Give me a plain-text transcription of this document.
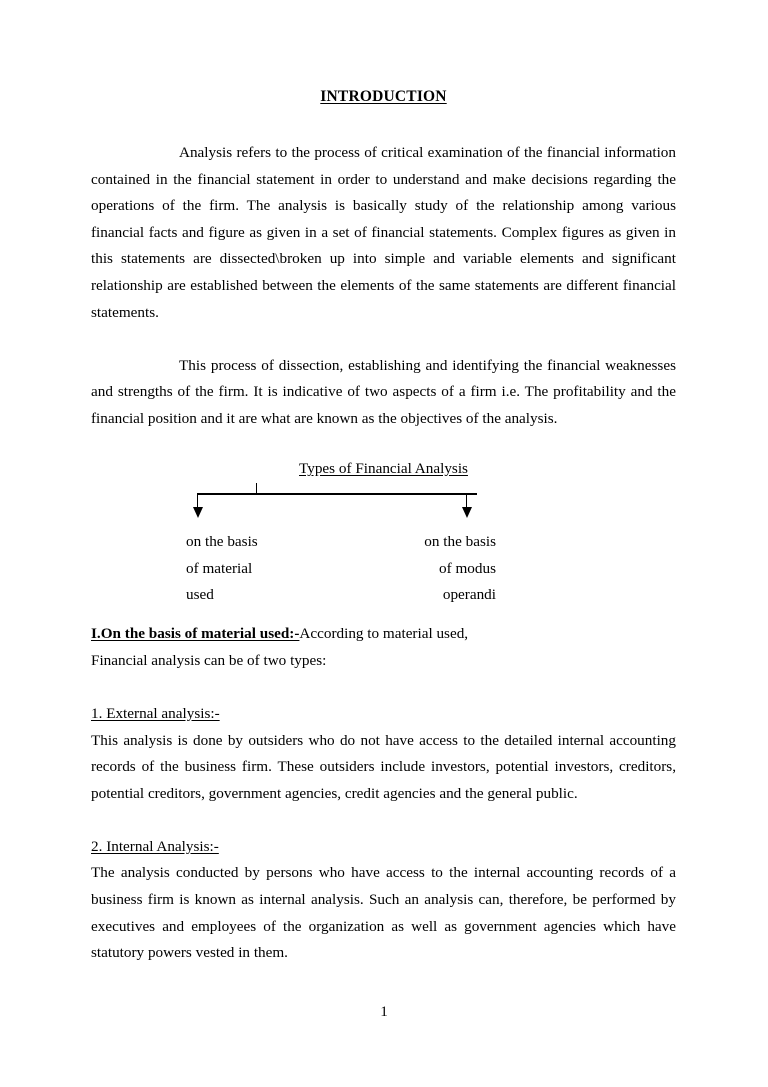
INTRODUCTION

Analysis refers to the process of critical examination of the financial information contained in the financial statement in order to understand and make decisions regarding the operations of the firm. The analysis is basically study of the relationship among various financial facts and figure as given in a set of financial statements. Complex figures as given in this statements are dissected\broken up into simple and variable elements and significant relationship are established between the elements of the same statements are different financial statements.

This process of dissection, establishing and identifying the financial weaknesses and strengths of the firm. It is indicative of two aspects of a firm i.e. The profitability and the financial position and it are what are known as the objectives of the analysis.

Types of Financial Analysis
on the basis
of material
used
on the basis
of modus
operandi

I.On the basis of material used:-According to material used,

Financial analysis can be of two types:

1. External analysis:-

This analysis is done by outsiders who do not have access to the detailed internal accounting records of the business firm. These outsiders include investors, potential investors, creditors, potential creditors, government agencies, credit agencies and the general public.

2. Internal Analysis:-

The analysis conducted by persons who have access to the internal accounting records of a business firm is known as internal analysis. Such an analysis can, therefore, be performed by executives and employees of the organization as well as government agencies which have statutory powers vested in them.

1
